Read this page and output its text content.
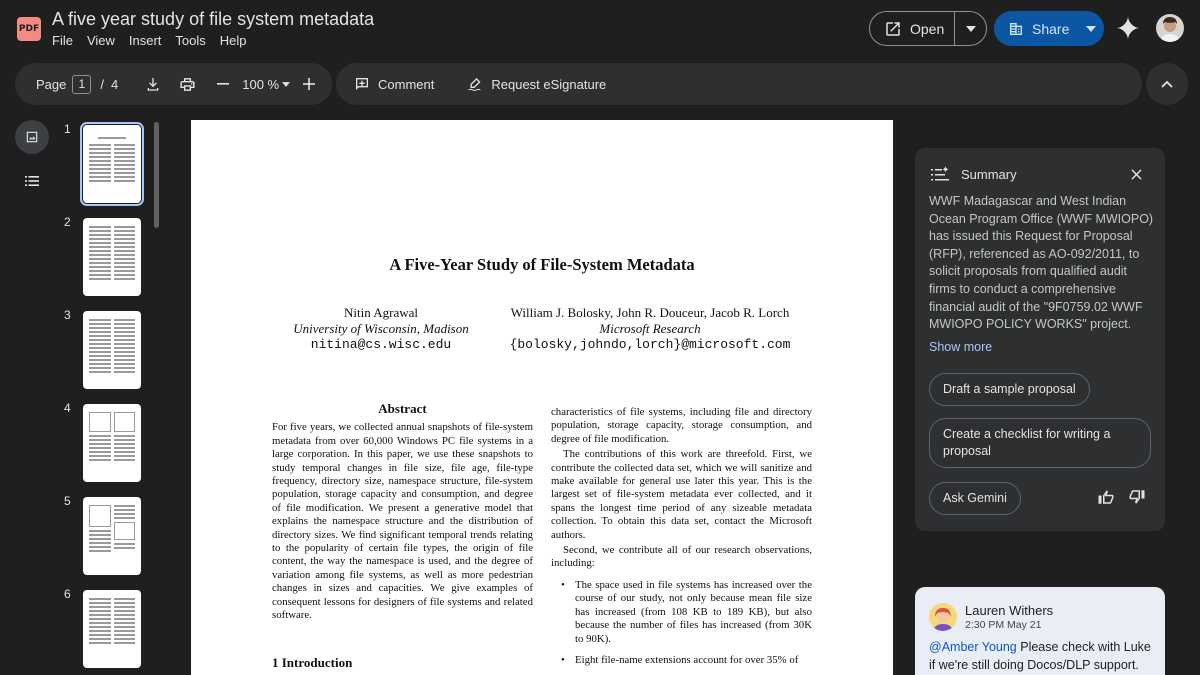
PDF A five year study of file system metadata
File View Insert Tools Help
Open	Share
Page	1	/ 4	100 %	Comment	Request eSignature
1
2
3
4
5
6
A Five-Year Study of File-System Metadata
Nitin Agrawal
University of Wisconsin, Madison
nitina@cs.wisc.edu
William J. Bolosky, John R. Douceur, Jacob R. Lorch
Microsoft Research
{bolosky,johndo,lorch}@microsoft.com
Abstract
For five years, we collected annual snapshots of file-system metadata from over 60,000 Windows PC file systems in a large corporation. In this paper, we use these snapshots to study temporal changes in file size, file age, file-type frequency, directory size, namespace structure, file-system population, storage capacity and consumption, and degree of file modification. We present a generative model that explains the namespace structure and the distribution of directory sizes. We find significant temporal trends relating to the popularity of certain file types, the origin of file content, the way the namespace is used, and the degree of variation among file systems, as well as more pedestrian changes in sizes and capacities. We give examples of consequent lessons for designers of file systems and related software.
characteristics of file systems, including file and directory population, storage capacity, storage consumption, and degree of file modification.
The contributions of this work are threefold. First, we contribute the collected data set, which we will sanitize and make available for general use later this year. This is the largest set of file-system metadata ever collected, and it spans the longest time period of any sizeable metadata collection. To obtain this data set, contact the Microsoft authors.
Second, we contribute all of our research observations, including:
• The space used in file systems has increased over the course of our study, not only because mean file size has increased (from 108 KB to 189 KB), but also because the number of files has increased (from 30K to 90K).
• Eight file-name extensions account for over 35% of
1 Introduction
Summary
WWF Madagascar and West Indian Ocean Program Office (WWF MWIOPO) has issued this Request for Proposal (RFP), referenced as AO-092/2011, to solicit proposals from qualified audit firms to conduct a comprehensive financial audit of the "9F0759.02 WWF MWIOPO POLICY WORKS" project.
Show more
Draft a sample proposal
Create a checklist for writing a proposal
Ask Gemini
Lauren Withers
2:30 PM May 21
@Amber Young Please check with Luke if we're still doing Docos/DLP support.
